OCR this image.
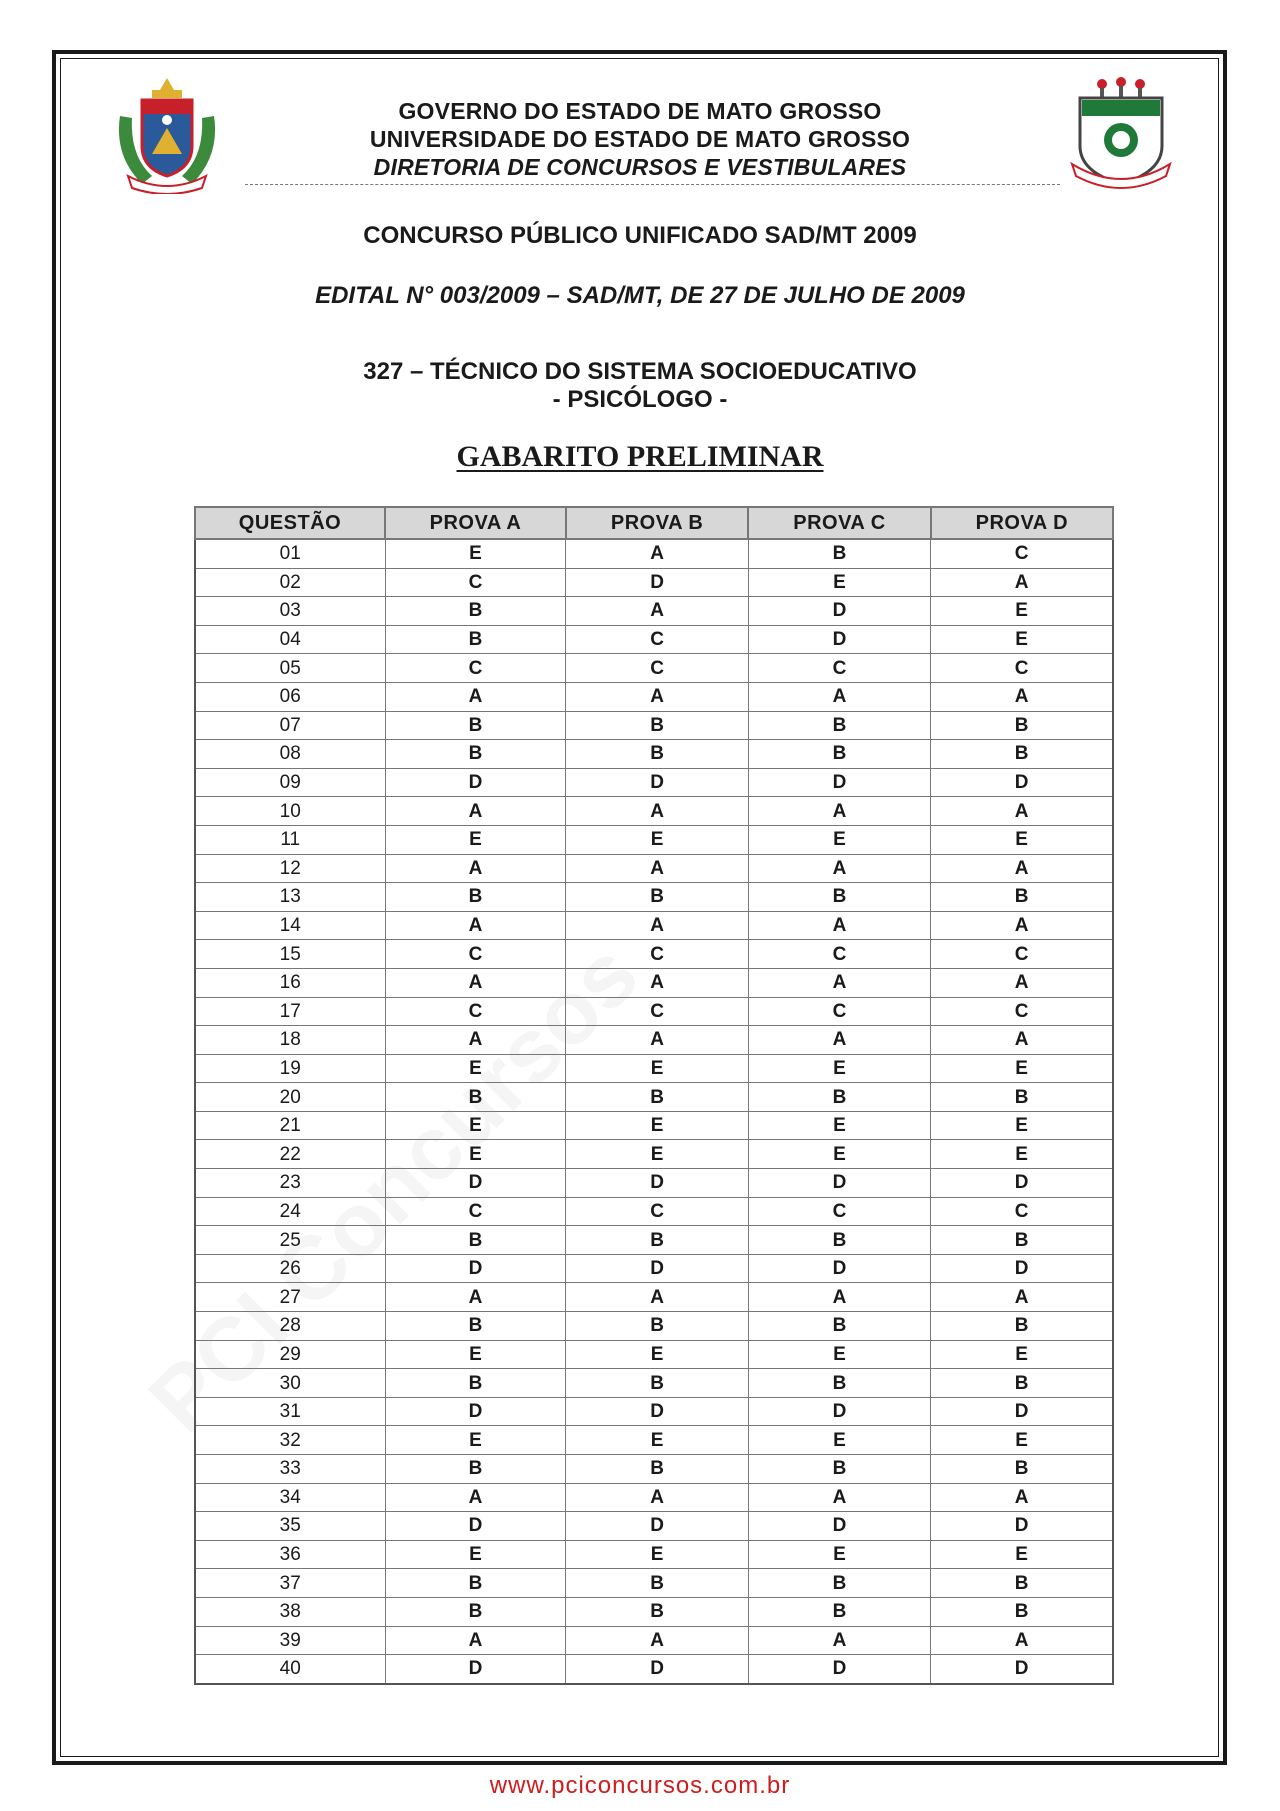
GOVERNO DO ESTADO DE MATO GROSSO
UNIVERSIDADE DO ESTADO DE MATO GROSSO
DIRETORIA DE CONCURSOS E VESTIBULARES
CONCURSO PÚBLICO UNIFICADO SAD/MT 2009
EDITAL N° 003/2009 – SAD/MT, DE 27 DE JULHO DE 2009
327 – TÉCNICO DO SISTEMA SOCIOEDUCATIVO
- PSICÓLOGO -
GABARITO PRELIMINAR
QUESTÃO	PROVA A	PROVA B	PROVA C	PROVA D
01	E	A	B	C
02	C	D	E	A
03	B	A	D	E
04	B	C	D	E
05	C	C	C	C
06	A	A	A	A
07	B	B	B	B
08	B	B	B	B
09	D	D	D	D
10	A	A	A	A
11	E	E	E	E
12	A	A	A	A
13	B	B	B	B
14	A	A	A	A
15	C	C	C	C
16	A	A	A	A
17	C	C	C	C
18	A	A	A	A
19	E	E	E	E
20	B	B	B	B
21	E	E	E	E
22	E	E	E	E
23	D	D	D	D
24	C	C	C	C
25	B	B	B	B
26	D	D	D	D
27	A	A	A	A
28	B	B	B	B
29	E	E	E	E
30	B	B	B	B
31	D	D	D	D
32	E	E	E	E
33	B	B	B	B
34	A	A	A	A
35	D	D	D	D
36	E	E	E	E
37	B	B	B	B
38	B	B	B	B
39	A	A	A	A
40	D	D	D	D
www.pciconcursos.com.br
